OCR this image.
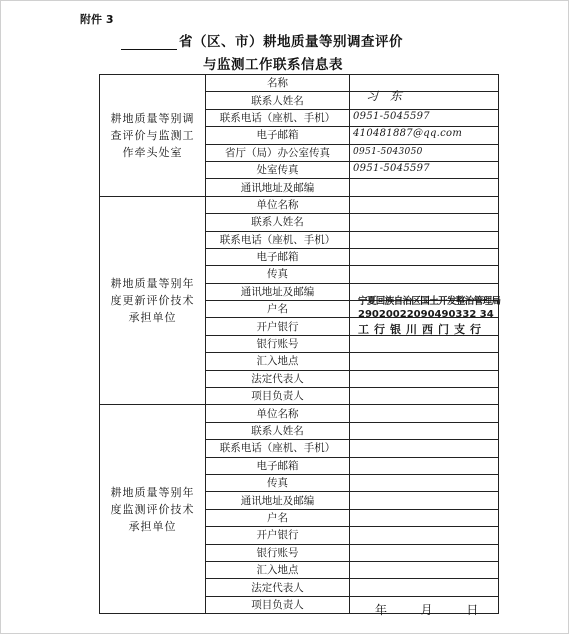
附件 3
省（区、市）耕地质量等别调查评价
与监测工作联系信息表
耕地质量等别调查评价与监测工作牵头处室	名称	

	联系人姓名	习 东

	联系电话（座机、手机）	0951-5045597

	电子邮箱	410481887@qq.com

	省厅（局）办公室传真	0951-5043050

	处室传真	0951-5045597

	通讯地址及邮编	

耕地质量等别年度更新评价技术承担单位	单位名称	

	联系人姓名	

	联系电话（座机、手机）	

	电子邮箱	

	传真	

	通讯地址及邮编	

	户名	

	开户银行	

	银行账号	

	汇入地点	

	法定代表人	

	项目负责人	

耕地质量等别年度监测评价技术承担单位	单位名称	

	联系人姓名	

	联系电话（座机、手机）	

	电子邮箱	

	传真	

	通讯地址及邮编	

	户名	

	开户银行	

	银行账号	

	汇入地点	

	法定代表人	

	项目负责人	
宁夏回族自治区国土开发整治管理局
29020022090490332 34
工行银川西门支行
年	月	日
